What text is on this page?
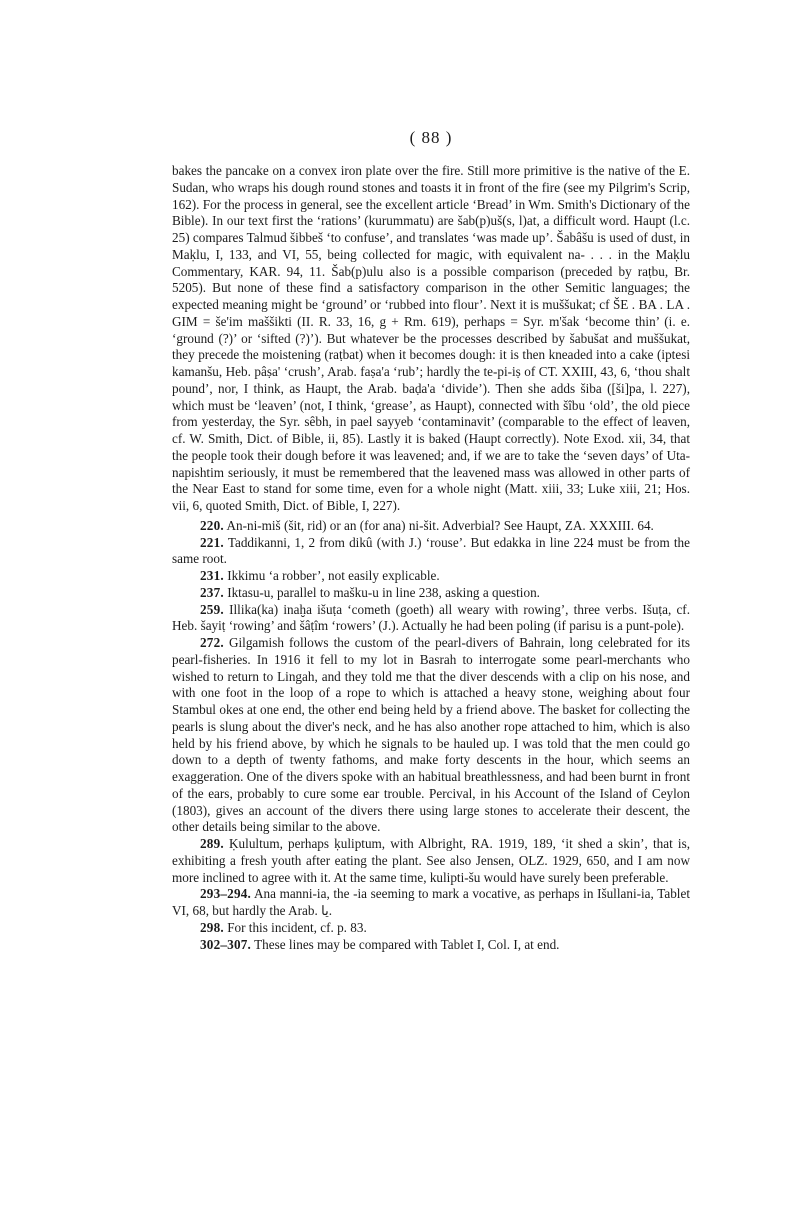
( 88 )

bakes the pancake on a convex iron plate over the fire. Still more primitive is the native of the E. Sudan, who wraps his dough round stones and toasts it in front of the fire (see my Pilgrim's Scrip, 162). For the process in general, see the excellent article ‘Bread’ in Wm. Smith's Dictionary of the Bible). In our text first the ‘rations’ (kurummatu) are šab(p)uš(s, l)at, a difficult word. Haupt (l.c. 25) compares Talmud šibbeš ‘to confuse’, and translates ‘was made up’. Šabâšu is used of dust, in Maḳlu, I, 133, and VI, 55, being collected for magic, with equivalent na- . . . in the Maḳlu Commentary, KAR. 94, 11. Šab(p)ulu also is a possible comparison (preceded by raṭbu, Br. 5205). But none of these find a satisfactory comparison in the other Semitic languages; the expected meaning might be ‘ground’ or ‘rubbed into flour’. Next it is muššukat; cf ŠE . BA . LA . GIM = še'im maššikti (II. R. 33, 16, g + Rm. 619), perhaps = Syr. m'šak ‘become thin’ (i. e. ‘ground (?)’ or ‘sifted (?)’). But whatever be the processes described by šabušat and muššukat, they precede the moistening (raṭbat) when it becomes dough: it is then kneaded into a cake (iptesi kamanšu, Heb. pâṣa' ‘crush’, Arab. faṣa'a ‘rub’; hardly the te-pi-iṣ of CT. XXIII, 43, 6, ‘thou shalt pound’, nor, I think, as Haupt, the Arab. baḍa'a ‘divide’). Then she adds šiba ([ši]pa, l. 227), which must be ‘leaven’ (not, I think, ‘grease’, as Haupt), connected with šîbu ‘old’, the old piece from yesterday, the Syr. sêbh, in pael sayyeb ‘contaminavit’ (comparable to the effect of leaven, cf. W. Smith, Dict. of Bible, ii, 85). Lastly it is baked (Haupt correctly). Note Exod. xii, 34, that the people took their dough before it was leavened; and, if we are to take the ‘seven days’ of Uta-napishtim seriously, it must be remembered that the leavened mass was allowed in other parts of the Near East to stand for some time, even for a whole night (Matt. xiii, 33; Luke xiii, 21; Hos. vii, 6, quoted Smith, Dict. of Bible, I, 227).

220. An-ni-miš (šit, rid) or an (for ana) ni-šit. Adverbial? See Haupt, ZA. XXXIII. 64.

221. Taddikanni, 1, 2 from dikû (with J.) ‘rouse’. But edakka in line 224 must be from the same root.

231. Ikkimu ‘a robber’, not easily explicable.

237. Iktasu-u, parallel to mašku-u in line 238, asking a question.

259. Illika(ka) inaḫa išuṭa ‘cometh (goeth) all weary with rowing’, three verbs. Išuṭa, cf. Heb. šayiṭ ‘rowing’ and šâṭîm ‘rowers’ (J.). Actually he had been poling (if parisu is a punt-pole).

272. Gilgamish follows the custom of the pearl-divers of Bahrain, long celebrated for its pearl-fisheries. In 1916 it fell to my lot in Basrah to interrogate some pearl-merchants who wished to return to Lingah, and they told me that the diver descends with a clip on his nose, and with one foot in the loop of a rope to which is attached a heavy stone, weighing about four Stambul okes at one end, the other end being held by a friend above. The basket for collecting the pearls is slung about the diver's neck, and he has also another rope attached to him, which is also held by his friend above, by which he signals to be hauled up. I was told that the men could go down to a depth of twenty fathoms, and make forty descents in the hour, which seems an exaggeration. One of the divers spoke with an habitual breathlessness, and had been burnt in front of the ears, probably to cure some ear trouble. Percival, in his Account of the Island of Ceylon (1803), gives an account of the divers there using large stones to accelerate their descent, the other details being similar to the above.

289. Ḳulultum, perhaps ḳuliptum, with Albright, RA. 1919, 189, ‘it shed a skin’, that is, exhibiting a fresh youth after eating the plant. See also Jensen, OLZ. 1929, 650, and I am now more inclined to agree with it. At the same time, kulipti-šu would have surely been preferable.

293–294. Ana manni-ia, the -ia seeming to mark a vocative, as perhaps in Išullani-ia, Tablet VI, 68, but hardly the Arab. يا.

298. For this incident, cf. p. 83.

302–307. These lines may be compared with Tablet I, Col. I, at end.
